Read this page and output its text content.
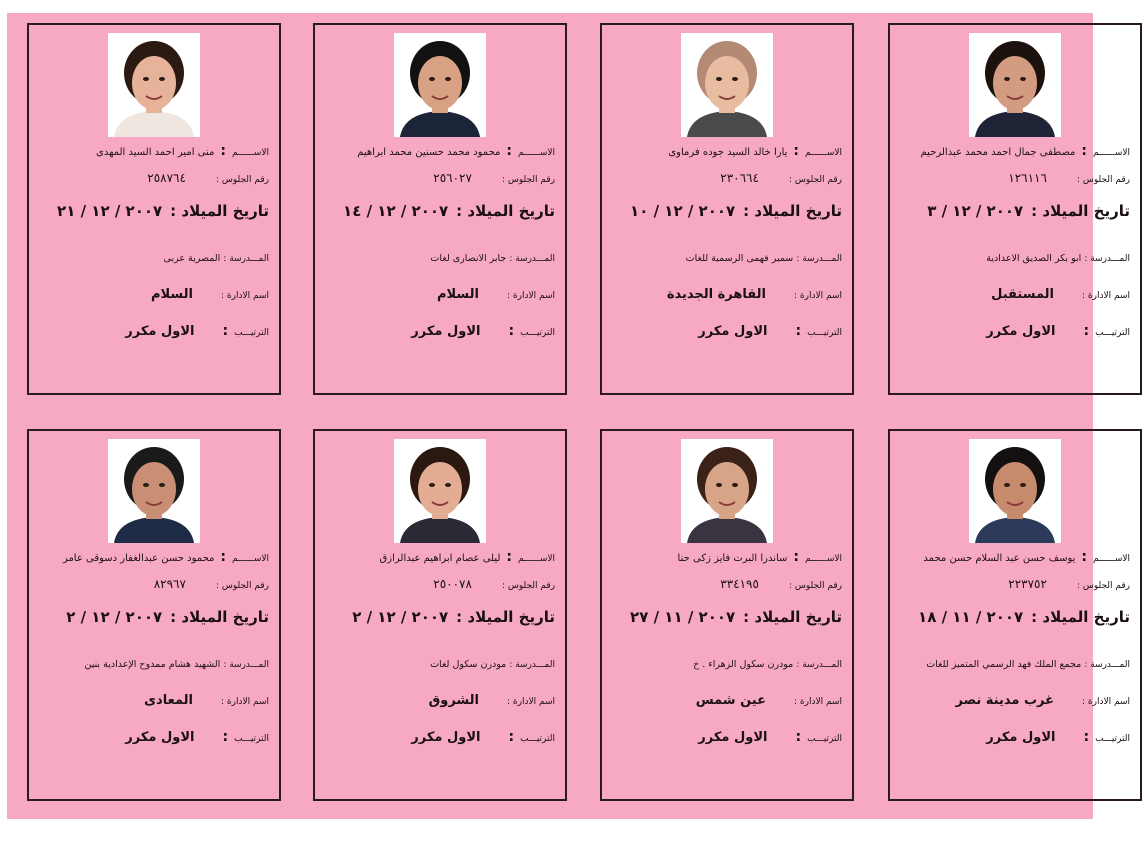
الاســــــم:منى امير احمد السيد المهدى
رقم الجلوس :٢٥٨٧٦٤
تاريخ الميلاد :٢٠٠٧ / ١٢ / ٢١
المـــدرسة : المصرية عربى
اسم الادارة :السلام
الترتيـــب:الاول مكرر
الاســــــم:محمود محمد حسنين محمد ابراهيم
رقم الجلوس :٢٥٦٠٢٧
تاريخ الميلاد :٢٠٠٧ / ١٢ / ١٤
المـــدرسة : جابر الانصارى لغات
اسم الادارة :السلام
الترتيـــب:الاول مكرر
الاســــــم:يارا خالد السيد جوده فرماوى
رقم الجلوس :٢٣٠٦٦٤
تاريخ الميلاد :٢٠٠٧ / ١٢ / ١٠
المـــدرسة : سمير فهمى الرسمية للغات
اسم الادارة :القاهرة الجديدة
الترتيـــب:الاول مكرر
الاســــــم:مصطفى جمال احمد محمد عبدالرحيم
رقم الجلوس :١٢٦١١٦
تاريخ الميلاد :٢٠٠٧ / ١٢ / ٣
المـــدرسة : ابو بكر الصديق الاعدادية
اسم الادارة :المستقبل
الترتيـــب:الاول مكرر
الاســــــم:محمود حسن عبدالغفار دسوقى عامر
رقم الجلوس :٨٢٩٦٧
تاريخ الميلاد :٢٠٠٧ / ١٢ / ٢
المـــدرسة : الشهيد هشام ممدوح الإعدادية بنين
اسم الادارة :المعادى
الترتيـــب:الاول مكرر
الاســــــم:ليلى عصام ابراهيم عبدالرازق
رقم الجلوس :٢٥٠٠٧٨
تاريخ الميلاد :٢٠٠٧ / ١٢ / ٢
المـــدرسة : مودرن سكول لغات
اسم الادارة :الشروق
الترتيـــب:الاول مكرر
الاســــــم:ساندرا البرت فايز زكى حنا
رقم الجلوس :٣٣٤١٩٥
تاريخ الميلاد :٢٠٠٧ / ١١ / ٢٧
المـــدرسة : مودرن سكول الزهراء . خ
اسم الادارة :عين شمس
الترتيـــب:الاول مكرر
الاســــــم:يوسف حسن عبد السلام حسن محمد
رقم الجلوس :٢٢٣٧٥٢
تاريخ الميلاد :٢٠٠٧ / ١١ / ١٨
المـــدرسة : مجمع الملك فهد الرسمي المتميز للغات
اسم الادارة :غرب مدينة نصر
الترتيـــب:الاول مكرر
